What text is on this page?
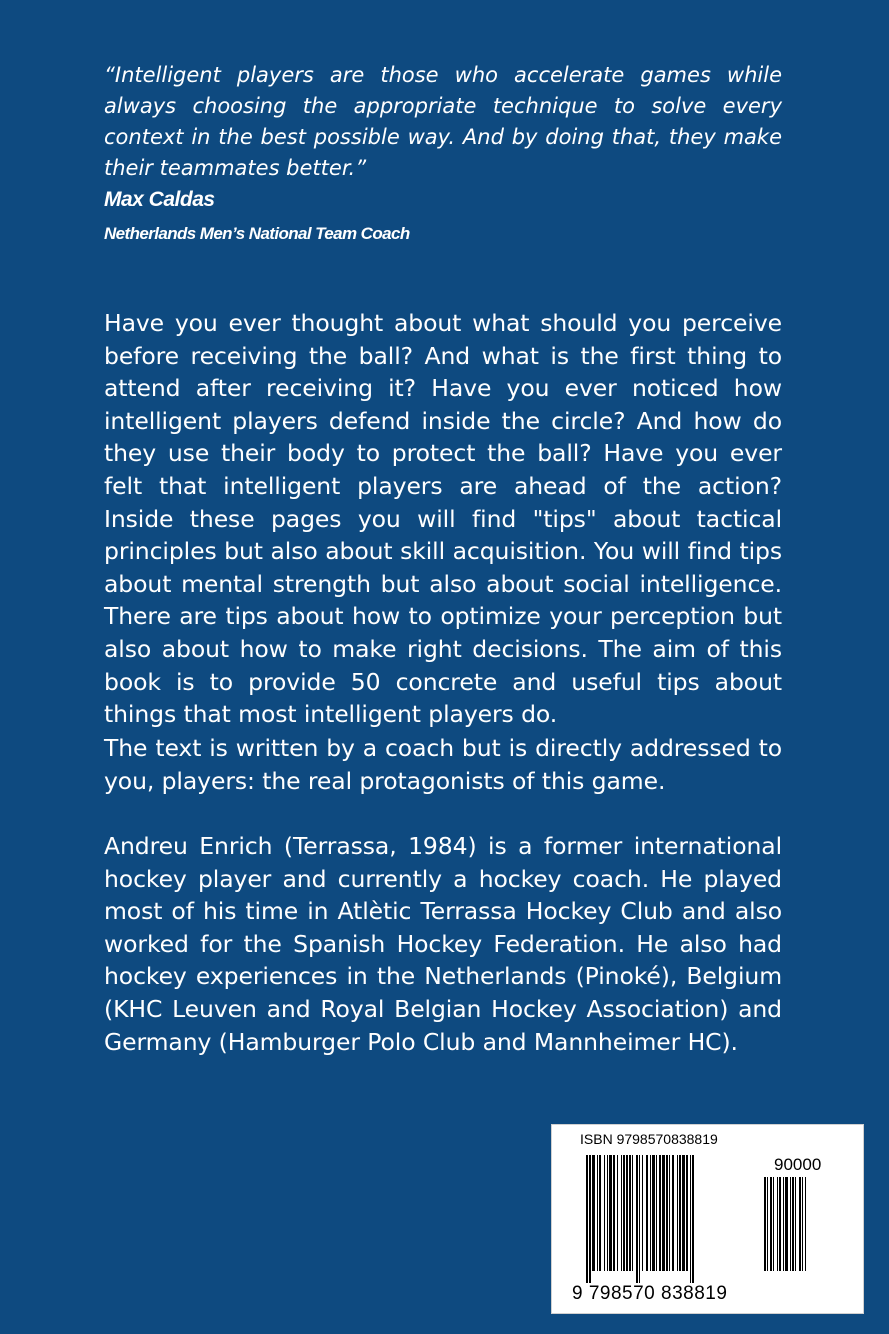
“Intelligent players are those who accelerate games while always choosing the appropriate technique to solve every context in the best possible way. And by doing that, they make their teammates better.”

Max Caldas

Netherlands Men’s National Team Coach

Have you ever thought about what should you perceive before receiving the ball? And what is the first thing to attend after receiving it? Have you ever noticed how intelligent players defend inside the circle? And how do they use their body to protect the ball? Have you ever felt that intelligent players are ahead of the action? Inside these pages you will find "tips" about tactical principles but also about skill acquisition. You will find tips about mental strength but also about social intelligence. There are tips about how to optimize your perception but also about how to make right decisions. The aim of this book is to provide 50 concrete and useful tips about things that most intelligent players do.

The text is written by a coach but is directly addressed to you, players: the real protagonists of this game.

Andreu Enrich (Terrassa, 1984) is a former international hockey player and currently a hockey coach. He played most of his time in Atlètic Terrassa Hockey Club and also worked for the Spanish Hockey Federation. He also had hockey experiences in the Netherlands (Pinoké), Belgium (KHC Leuven and Royal Belgian Hockey Association) and Germany (Hamburger Polo Club and Mannheimer HC).

ISBN 9798570838819
90000
9 798570 838819
